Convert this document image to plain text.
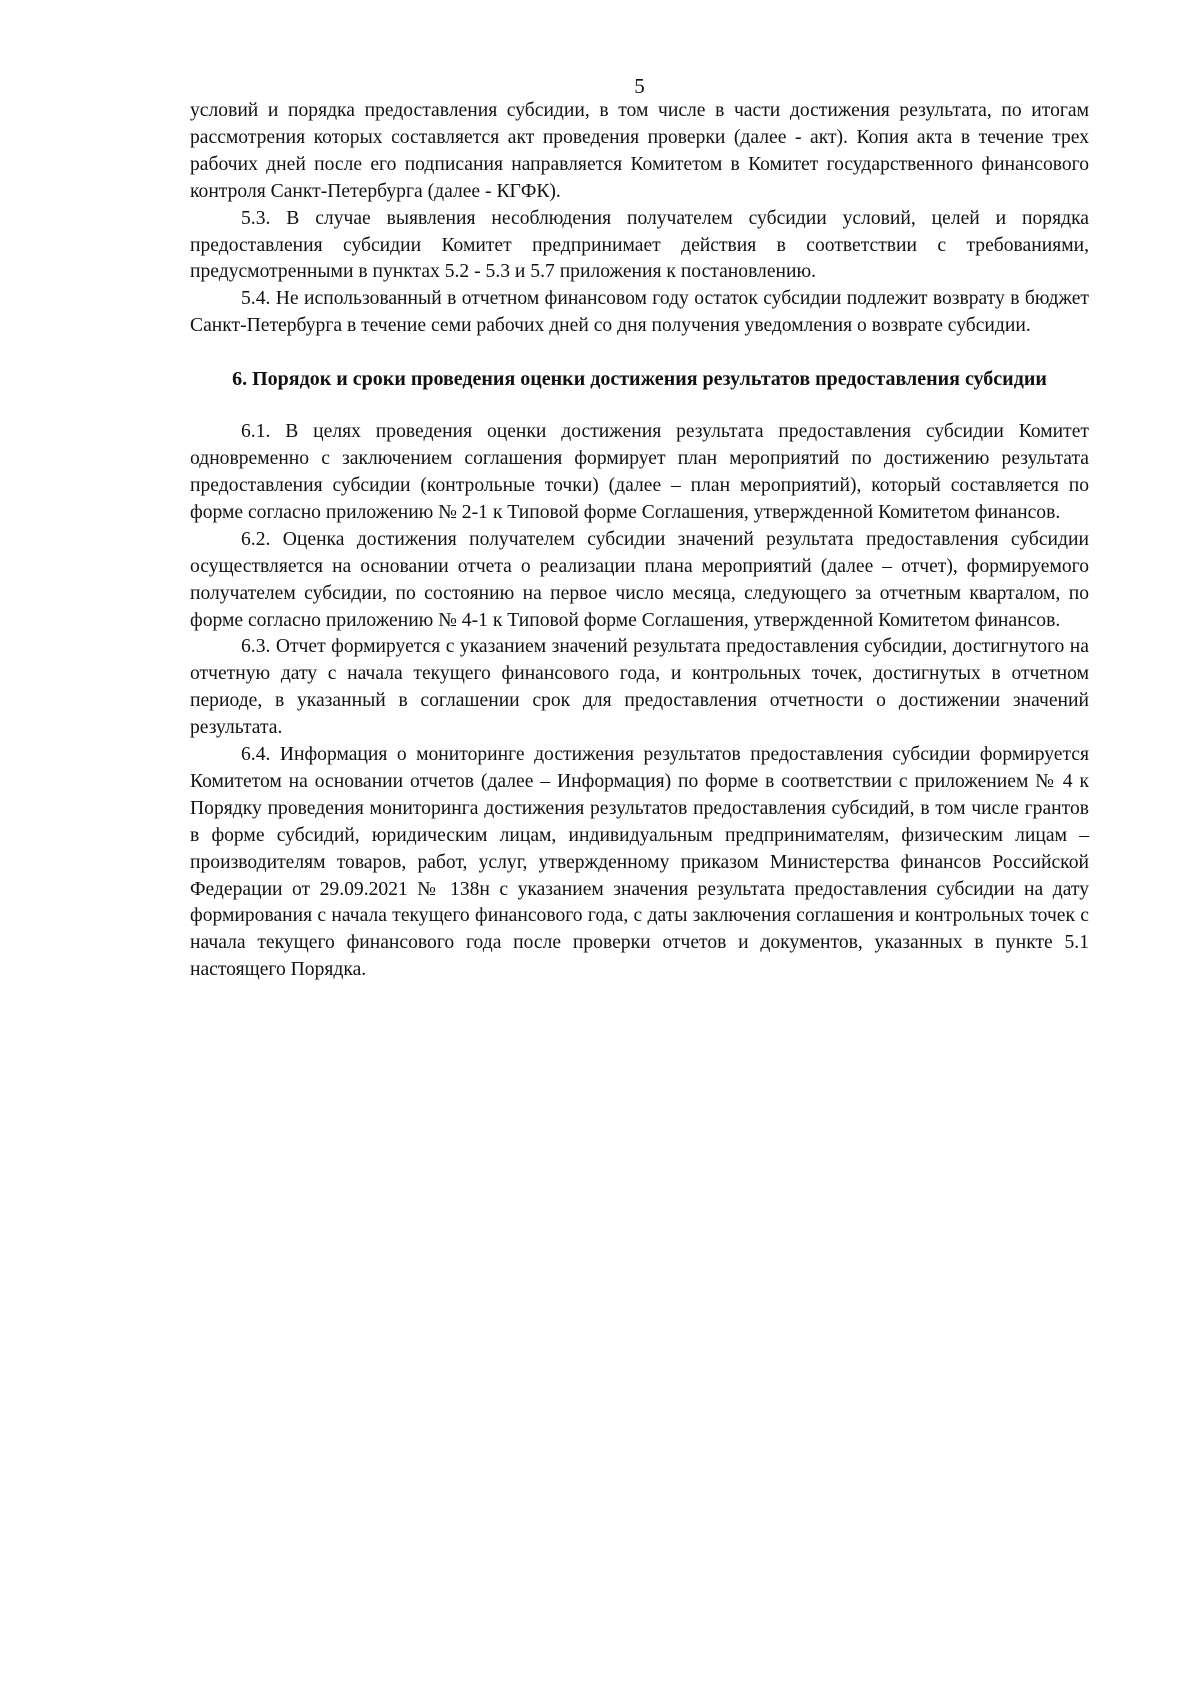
5

условий и порядка предоставления субсидии, в том числе в части достижения результата, по итогам рассмотрения которых составляется акт проведения проверки (далее - акт). Копия акта в течение трех рабочих дней после его подписания направляется Комитетом в Комитет государственного финансового контроля Санкт-Петербурга (далее - КГФК).

5.3. В случае выявления несоблюдения получателем субсидии условий, целей и порядка предоставления субсидии Комитет предпринимает действия в соответствии с требованиями, предусмотренными в пунктах 5.2 - 5.3 и 5.7 приложения к постановлению.

5.4. Не использованный в отчетном финансовом году остаток субсидии подлежит возврату в бюджет Санкт-Петербурга в течение семи рабочих дней со дня получения уведомления о возврате субсидии.

6. Порядок и сроки проведения оценки достижения результатов предоставления субсидии

6.1. В целях проведения оценки достижения результата предоставления субсидии Комитет одновременно с заключением соглашения формирует план мероприятий по достижению результата предоставления субсидии (контрольные точки) (далее – план мероприятий), который составляется по форме согласно приложению № 2-1 к Типовой форме Соглашения, утвержденной Комитетом финансов.

6.2. Оценка достижения получателем субсидии значений результата предоставления субсидии осуществляется на основании отчета о реализации плана мероприятий (далее – отчет), формируемого получателем субсидии, по состоянию на первое число месяца, следующего за отчетным кварталом, по форме согласно приложению № 4-1 к Типовой форме Соглашения, утвержденной Комитетом финансов.

6.3. Отчет формируется с указанием значений результата предоставления субсидии, достигнутого на отчетную дату с начала текущего финансового года, и контрольных точек, достигнутых в отчетном периоде, в указанный в соглашении срок для предоставления отчетности о достижении значений результата.

6.4. Информация о мониторинге достижения результатов предоставления субсидии формируется Комитетом на основании отчетов (далее – Информация) по форме в соответствии с приложением № 4 к Порядку проведения мониторинга достижения результатов предоставления субсидий, в том числе грантов в форме субсидий, юридическим лицам, индивидуальным предпринимателям, физическим лицам – производителям товаров, работ, услуг, утвержденному приказом Министерства финансов Российской Федерации от 29.09.2021 № 138н с указанием значения результата предоставления субсидии на дату формирования с начала текущего финансового года, с даты заключения соглашения и контрольных точек с начала текущего финансового года после проверки отчетов и документов, указанных в пункте 5.1 настоящего Порядка.
